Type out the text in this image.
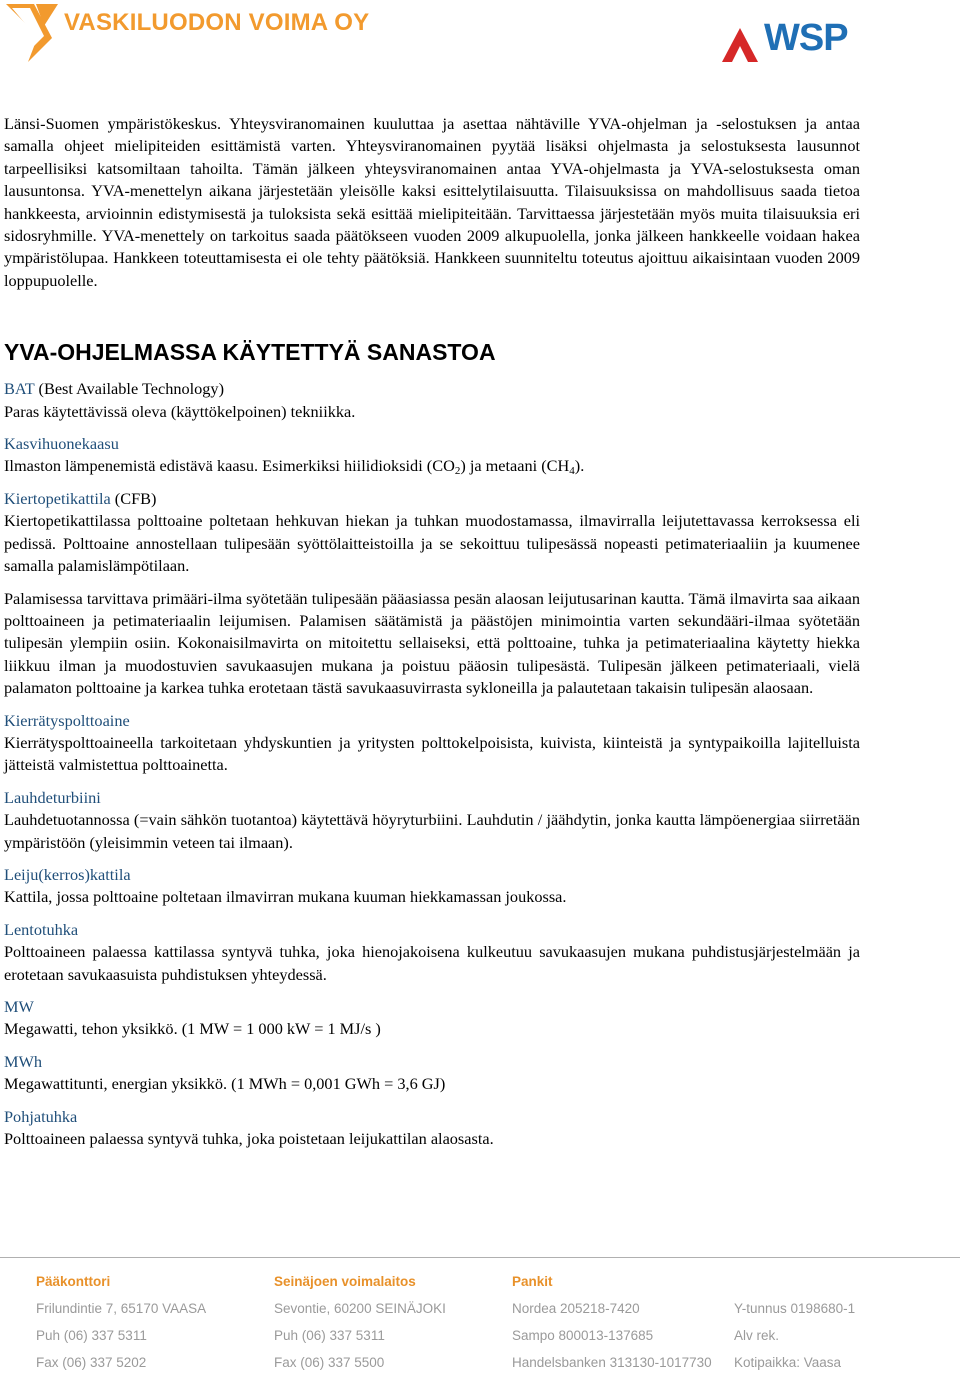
VASKILUODON VOIMA OY	WSP

Länsi-Suomen ympäristökeskus. Yhteysviranomainen kuuluttaa ja asettaa nähtäville YVA-ohjelman ja -selostuksen ja antaa samalla ohjeet mielipiteiden esittämistä varten. Yhteysviranomainen pyytää lisäksi ohjelmasta ja selostuksesta lausunnot tarpeellisiksi katsomiltaan tahoilta. Tämän jälkeen yhteysviranomainen antaa YVA-ohjelmasta ja YVA-selostuksesta oman lausuntonsa. YVA-menettelyn aikana järjestetään yleisölle kaksi esittelytilaisuutta. Tilaisuuksissa on mahdollisuus saada tietoa hankkeesta, arvioinnin edistymisestä ja tuloksista sekä esittää mielipiteitään. Tarvittaessa järjestetään myös muita tilaisuuksia eri sidosryhmille. YVA-menettely on tarkoitus saada päätökseen vuoden 2009 alkupuolella, jonka jälkeen hankkeelle voidaan hakea ympäristölupaa. Hankkeen toteuttamisesta ei ole tehty päätöksiä. Hankkeen suunniteltu toteutus ajoittuu aikaisintaan vuoden 2009 loppupuolelle.

YVA-OHJELMASSA KÄYTETTYÄ SANASTOA

BAT (Best Available Technology)

Paras käytettävissä oleva (käyttökelpoinen) tekniikka.

Kasvihuonekaasu

Ilmaston lämpenemistä edistävä kaasu. Esimerkiksi hiilidioksidi $(CO_2)$ ja metaani $(CH_4)$.

Kiertopetikattila (CFB)

Kiertopetikattilassa polttoaine poltetaan hehkuvan hiekan ja tuhkan muodostamassa, ilmavirralla leijutettavassa kerroksessa eli pedissä. Polttoaine annostellaan tulipesään syöttölaitteistoilla ja se sekoittuu tulipesässä nopeasti petimateriaaliin ja kuumenee samalla palamislämpötilaan.

Palamisessa tarvittava primääri-ilma syötetään tulipesään pääasiassa pesän alaosan leijutusarinan kautta. Tämä ilmavirta saa aikaan polttoaineen ja petimateriaalin leijumisen. Palamisen säätämistä ja päästöjen minimointia varten sekundääri-ilmaa syötetään tulipesän ylempiin osiin. Kokonaisilmavirta on mitoitettu sellaiseksi, että polttoaine, tuhka ja petimateriaalina käytetty hiekka liikkuu ilman ja muodostuvien savukaasujen mukana ja poistuu pääosin tulipesästä. Tulipesän jälkeen petimateriaali, vielä palamaton polttoaine ja karkea tuhka erotetaan tästä savukaasuvirrasta sykloneilla ja palautetaan takaisin tulipesän alaosaan.

Kierrätyspolttoaine

Kierrätyspolttoaineella tarkoitetaan yhdyskuntien ja yritysten polttokelpoisista, kuivista, kiinteistä ja syntypaikoilla lajitelluista jätteistä valmistettua polttoainetta.

Lauhdeturbiini

Lauhdetuotannossa (=vain sähkön tuotantoa) käytettävä höyryturbiini. Lauhdutin / jäähdytin, jonka kautta lämpöenergiaa siirretään ympäristöön (yleisimmin veteen tai ilmaan).

Leiju(kerros)kattila

Kattila, jossa polttoaine poltetaan ilmavirran mukana kuuman hiekkamassan joukossa.

Lentotuhka

Polttoaineen palaessa kattilassa syntyvä tuhka, joka hienojakoisena kulkeutuu savukaasujen mukana puhdistusjärjestelmään ja erotetaan savukaasuista puhdistuksen yhteydessä.

MW

Megawatti, tehon yksikkö. (1 MW = 1 000 kW = 1 MJ/s )

MWh

Megawattitunti, energian yksikkö. (1 MWh = 0,001 GWh = 3,6 GJ)

Pohjatuhka

Polttoaineen palaessa syntyvä tuhka, joka poistetaan leijukattilan alaosasta.

Pääkonttori
Frilundintie 7, 65170 VAASA
Puh (06) 337 5311
Fax (06) 337 5202
Seinäjoen voimalaitos
Sevontie, 60200 SEINÄJOKI
Puh (06) 337 5311
Fax (06) 337 5500
Pankit
Nordea 205218-7420
Sampo 800013-137685
Handelsbanken 313130-1017730
Y-tunnus 0198680-1
Alv rek.
Kotipaikka: Vaasa
